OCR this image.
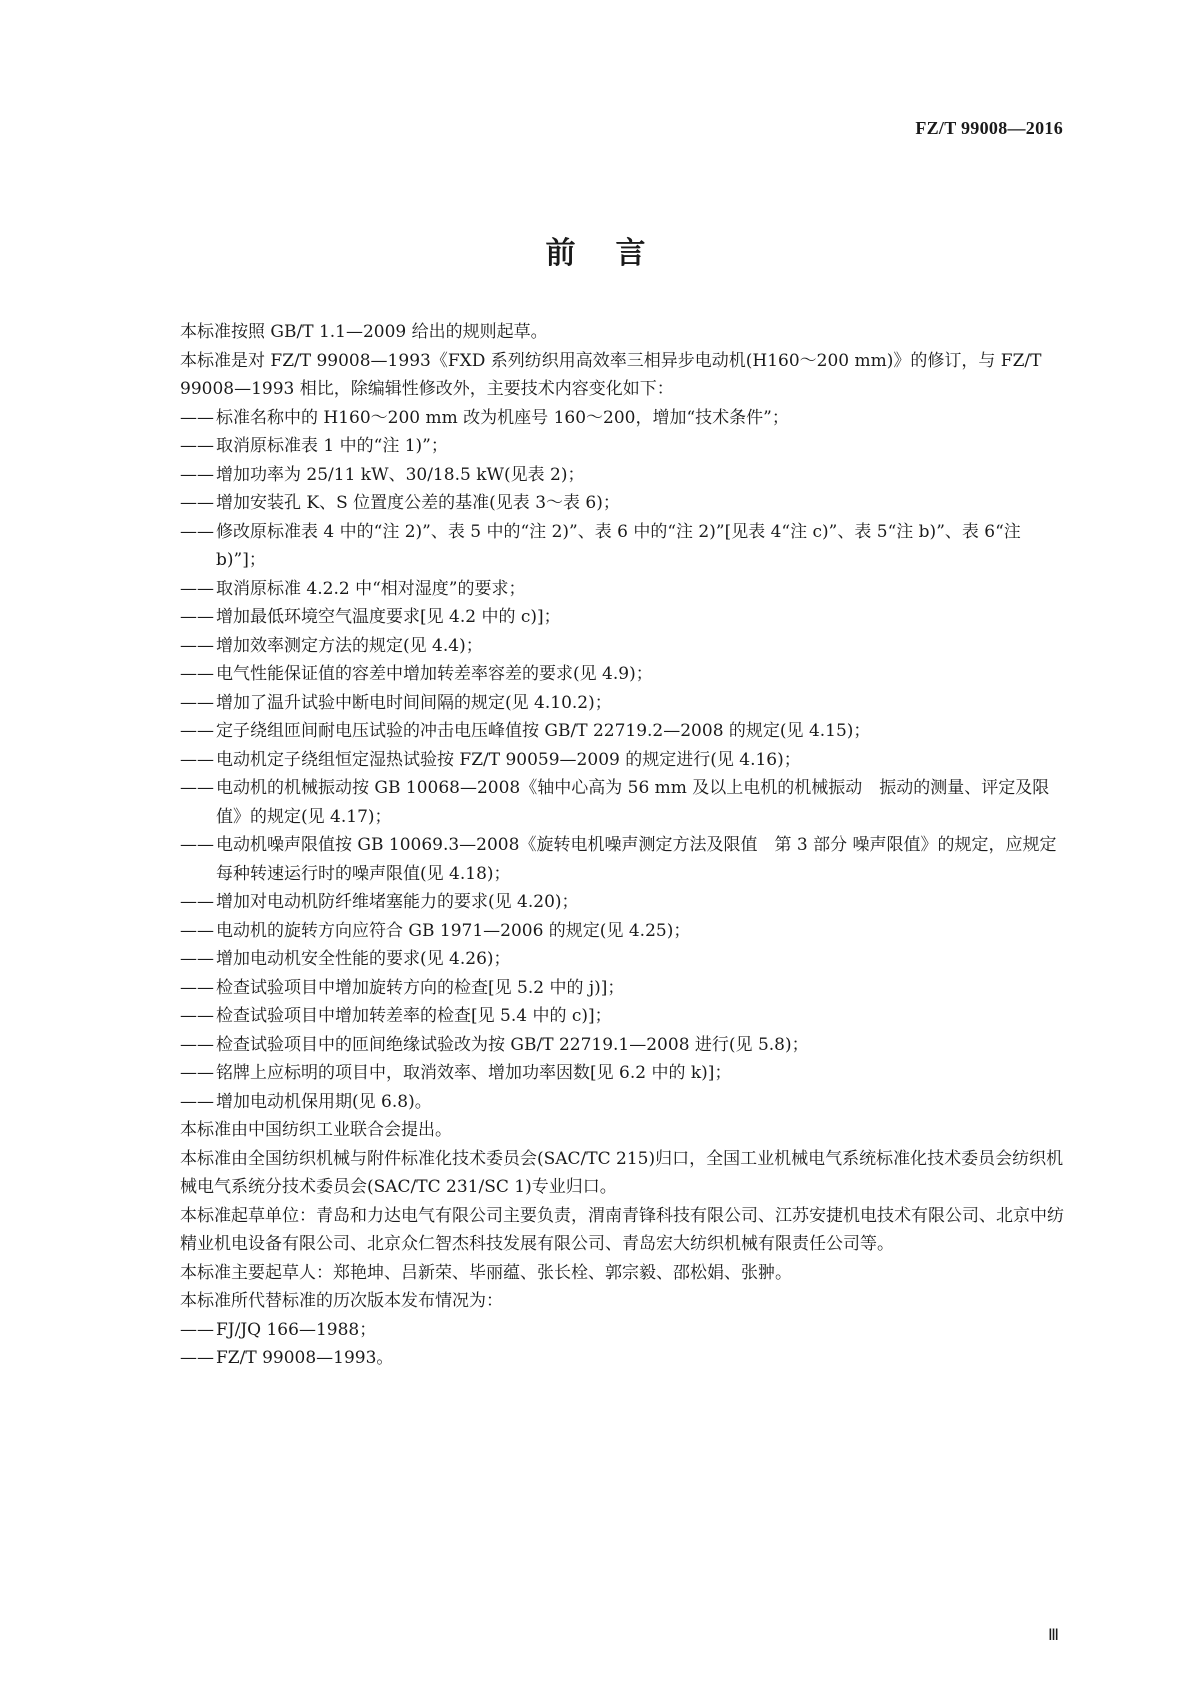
FZ/T 99008—2016
前言

本标准按照 GB/T 1.1—2009 给出的规则起草。

本标准是对 FZ/T 99008—1993《FXD 系列纺织用高效率三相异步电动机(H160～200 mm)》的修订，与 FZ/T 99008—1993 相比，除编辑性修改外，主要技术内容变化如下：

—— 标准名称中的 H160～200 mm 改为机座号 160～200，增加“技术条件”；

—— 取消原标准表 1 中的“注 1)”；

—— 增加功率为 25/11 kW、30/18.5 kW(见表 2)；

—— 增加安装孔 K、S 位置度公差的基准(见表 3～表 6)；

—— 修改原标准表 4 中的“注 2)”、表 5 中的“注 2)”、表 6 中的“注 2)”[见表 4“注 c)”、表 5“注 b)”、表 6“注 b)”]；

—— 取消原标准 4.2.2 中“相对湿度”的要求；

—— 增加最低环境空气温度要求[见 4.2 中的 c)]；

—— 增加效率测定方法的规定(见 4.4)；

—— 电气性能保证值的容差中增加转差率容差的要求(见 4.9)；

—— 增加了温升试验中断电时间间隔的规定(见 4.10.2)；

—— 定子绕组匝间耐电压试验的冲击电压峰值按 GB/T 22719.2—2008 的规定(见 4.15)；

—— 电动机定子绕组恒定湿热试验按 FZ/T 90059—2009 的规定进行(见 4.16)；

—— 电动机的机械振动按 GB 10068—2008《轴中心高为 56 mm 及以上电机的机械振动　振动的测量、评定及限值》的规定(见 4.17)；

—— 电动机噪声限值按 GB 10069.3—2008《旋转电机噪声测定方法及限值　第 3 部分 噪声限值》的规定，应规定每种转速运行时的噪声限值(见 4.18)；

—— 增加对电动机防纤维堵塞能力的要求(见 4.20)；

—— 电动机的旋转方向应符合 GB 1971—2006 的规定(见 4.25)；

—— 增加电动机安全性能的要求(见 4.26)；

—— 检查试验项目中增加旋转方向的检查[见 5.2 中的 j)]；

—— 检查试验项目中增加转差率的检查[见 5.4 中的 c)]；

—— 检查试验项目中的匝间绝缘试验改为按 GB/T 22719.1—2008 进行(见 5.8)；

—— 铭牌上应标明的项目中，取消效率、增加功率因数[见 6.2 中的 k)]；

—— 增加电动机保用期(见 6.8)。

本标准由中国纺织工业联合会提出。

本标准由全国纺织机械与附件标准化技术委员会(SAC/TC 215)归口，全国工业机械电气系统标准化技术委员会纺织机械电气系统分技术委员会(SAC/TC 231/SC 1)专业归口。

本标准起草单位：青岛和力达电气有限公司主要负责，渭南青锋科技有限公司、江苏安捷机电技术有限公司、北京中纺精业机电设备有限公司、北京众仁智杰科技发展有限公司、青岛宏大纺织机械有限责任公司等。

本标准主要起草人：郑艳坤、吕新荣、毕丽蕴、张长栓、郭宗毅、邵松娟、张翀。

本标准所代替标准的历次版本发布情况为：

—— FJ/JQ 166—1988；

—— FZ/T 99008—1993。

Ⅲ
